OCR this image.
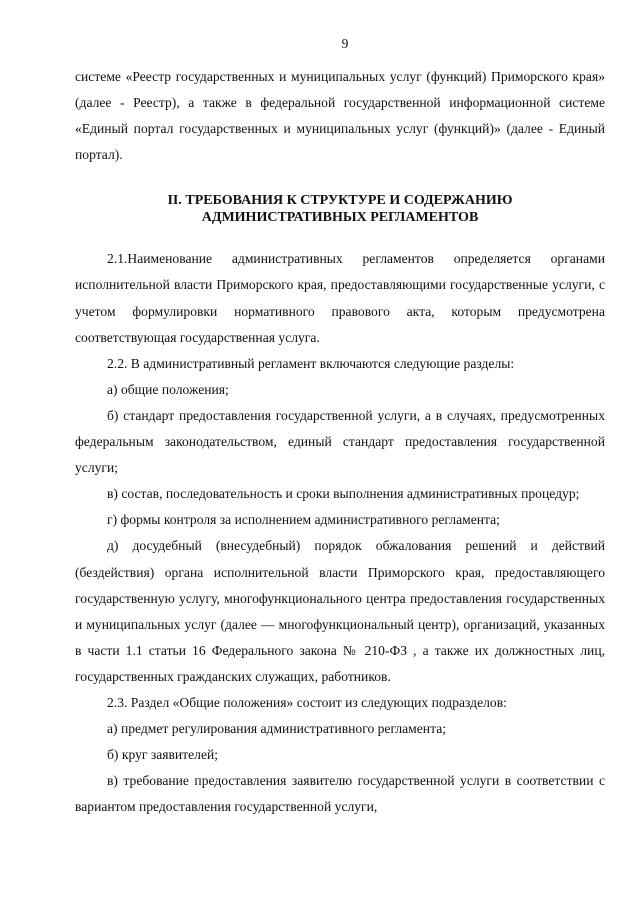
9

системе «Реестр государственных и муниципальных услуг (функций) Приморского края» (далее - Реестр), а также в федеральной государственной информационной системе «Единый портал государственных и муниципальных услуг (функций)» (далее - Единый портал).

II. ТРЕБОВАНИЯ К СТРУКТУРЕ И СОДЕРЖАНИЮ
АДМИНИСТРАТИВНЫХ РЕГЛАМЕНТОВ

2.1.Наименование административных регламентов определяется органами исполнительной власти Приморского края, предоставляющими государственные услуги, с учетом формулировки нормативного правового акта, которым предусмотрена соответствующая государственная услуга.

2.2. В административный регламент включаются следующие разделы:

а) общие положения;

б) стандарт предоставления государственной услуги, а в случаях, предусмотренных федеральным законодательством, единый стандарт предоставления государственной услуги;

в) состав, последовательность и сроки выполнения административных процедур;

г) формы контроля за исполнением административного регламента;

д) досудебный (внесудебный) порядок обжалования решений и действий (бездействия) органа исполнительной власти Приморского края, предоставляющего государственную услугу, многофункционального центра предоставления государственных и муниципальных услуг (далее — многофункциональный центр), организаций, указанных в части 1.1 статьи 16 Федерального закона № 210-ФЗ , а также их должностных лиц, государственных гражданских служащих, работников.

2.3. Раздел «Общие положения» состоит из следующих подразделов:

а) предмет регулирования административного регламента;

б) круг заявителей;

в) требование предоставления заявителю государственной услуги в соответствии с вариантом предоставления государственной услуги,
